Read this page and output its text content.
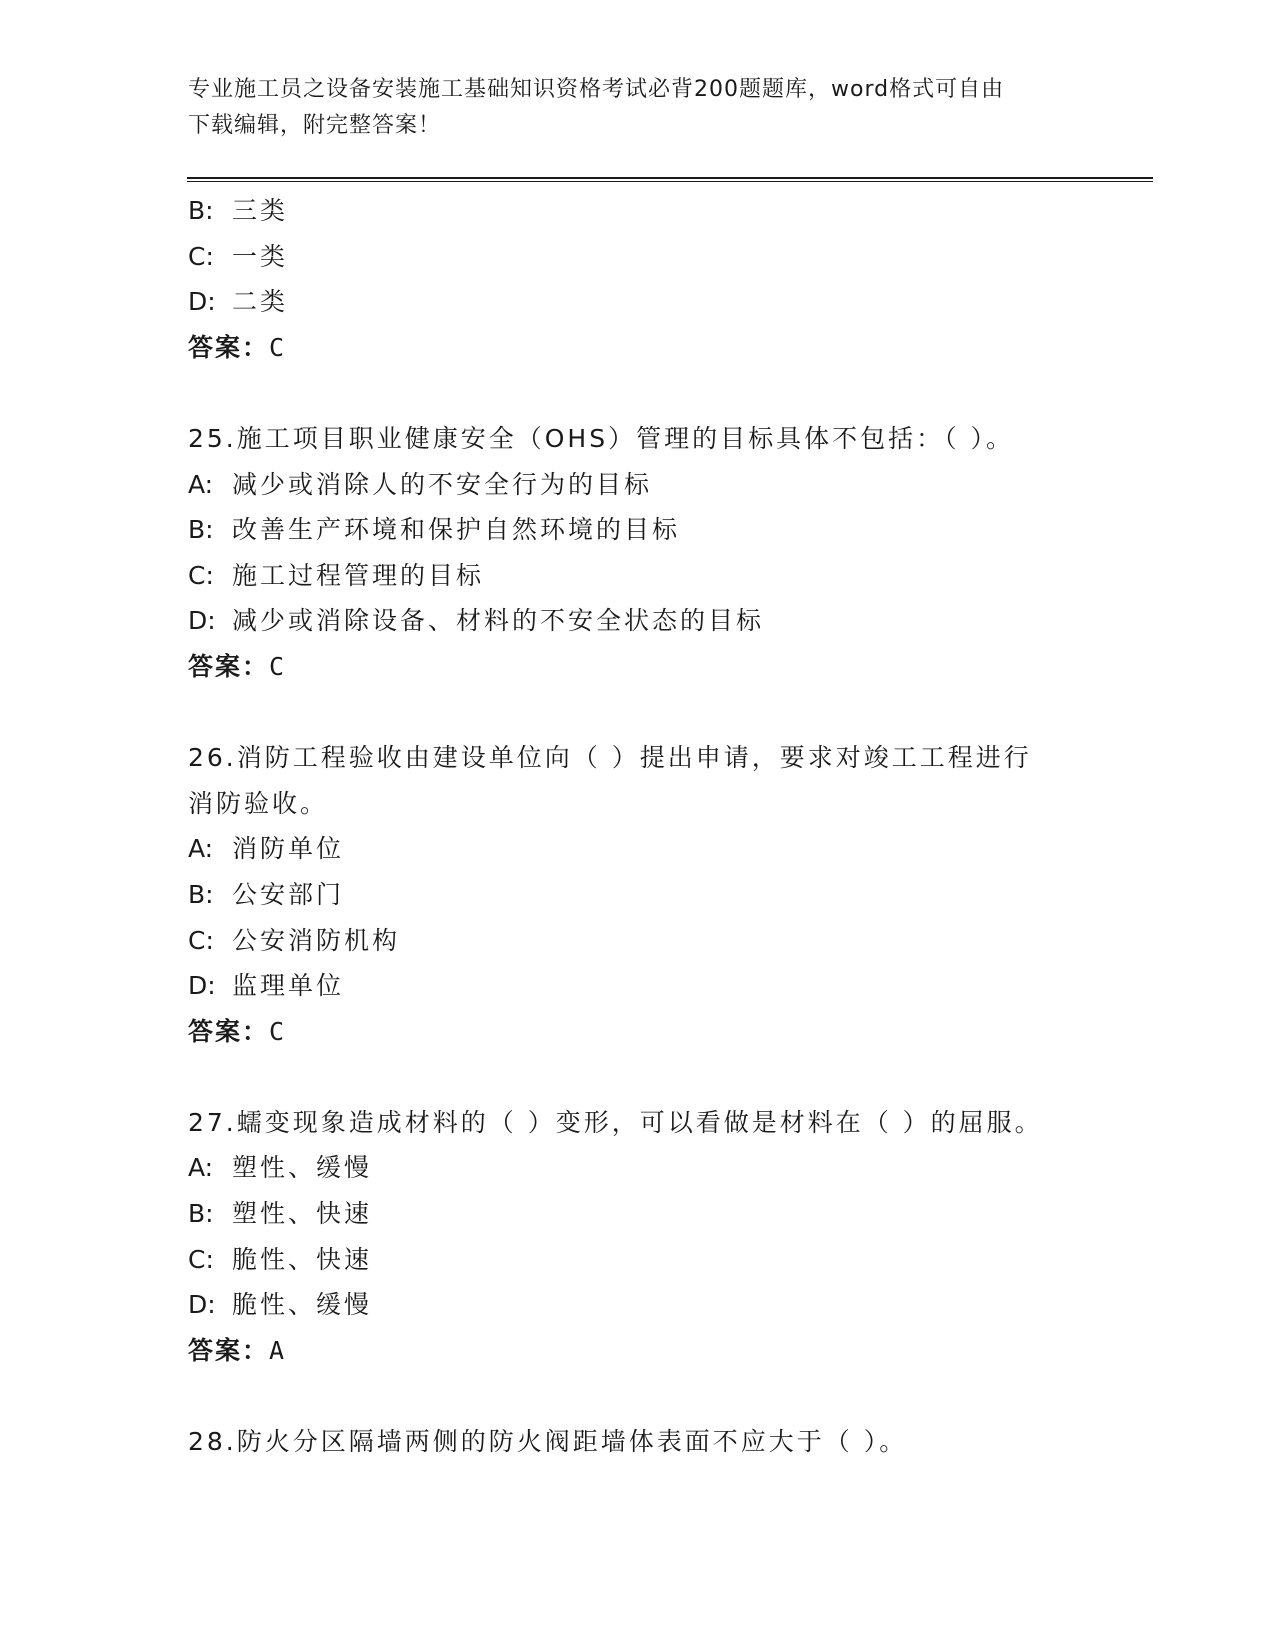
专业施工员之设备安装施工基础知识资格考试必背200题题库，word格式可自由
下载编辑，附完整答案！
B: 三类
C: 一类
D: 二类
答案：C
25.施工项目职业健康安全（OHS）管理的目标具体不包括：（ ）。
A: 减少或消除人的不安全行为的目标
B: 改善生产环境和保护自然环境的目标
C: 施工过程管理的目标
D: 减少或消除设备、材料的不安全状态的目标
答案：C
26.消防工程验收由建设单位向（ ）提出申请，要求对竣工工程进行
消防验收。
A: 消防单位
B: 公安部门
C: 公安消防机构
D: 监理单位
答案：C
27.蠕变现象造成材料的（ ）变形，可以看做是材料在（ ）的屈服。
A: 塑性、缓慢
B: 塑性、快速
C: 脆性、快速
D: 脆性、缓慢
答案：A
28.防火分区隔墙两侧的防火阀距墙体表面不应大于（ ）。
